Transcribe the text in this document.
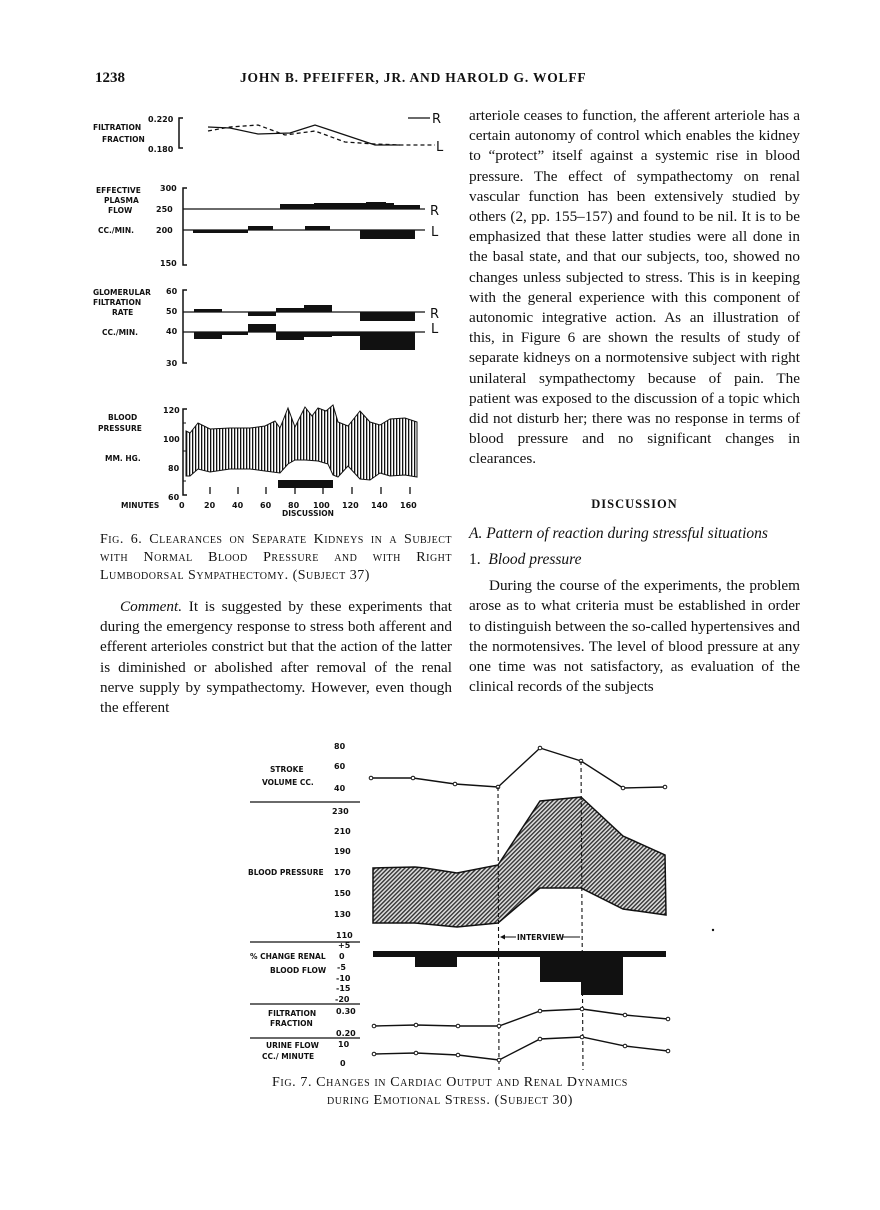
1238	JOHN B. PFEIFFER, JR. AND HAROLD G. WOLFF
FILTRATION
FRACTION
0.220
0.180
R
L
EFFECTIVE
PLASMA
FLOW
CC./MIN.
300
250
200
150
R
L
GLOMERULAR
FILTRATION
RATE
CC./MIN.
60
50
40
30
R
L
BLOOD
PRESSURE
MM. HG.
120
100
80
60
MINUTES 0 20 40 60 80 100 120 140 160
DISCUSSION
Fig. 6. Clearances on Separate Kidneys in a Subject with Normal Blood Pressure and with Right Lumbodorsal Sympathectomy. (Subject 37)

Comment. It is suggested by these experiments that during the emergency response to stress both afferent and efferent arterioles constrict but that the action of the latter is diminished or abolished after removal of the renal nerve supply by sympathectomy. However, even though the efferent

arteriole ceases to function, the afferent arteriole has a certain autonomy of control which enables the kidney to “protect” itself against a systemic rise in blood pressure. The effect of sympathectomy on renal vascular function has been extensively studied by others (2, pp. 155–157) and found to be nil. It is to be emphasized that these latter studies were all done in the basal state, and that our subjects, too, showed no changes unless subjected to stress. This is in keeping with the general experience with this component of autonomic integrative action. As an illustration of this, in Figure 6 are shown the results of study of separate kidneys on a normotensive subject with right unilateral sympathectomy because of pain. The patient was exposed to the discussion of a topic which did not disturb her; there was no response in terms of blood pressure and no significant changes in clearances.

DISCUSSION
A. Pattern of reaction during stressful situations
1. Blood pressure

During the course of the experiments, the problem arose as to what criteria must be established in order to distinguish between the so-called hypertensives and the normotensives. The level of blood pressure at any one time was not satisfactory, as evaluation of the clinical records of the subjects

STROKE
VOLUME CC.
80
60
40
230
210
190
BLOOD PRESSURE 170
150
130
110
+5
% CHANGE RENAL 0
BLOOD FLOW -5
-10
-15
-20
FILTRATION
FRACTION
0.30
0.20
URINE FLOW
CC./ MINUTE
10
0
INTERVIEW
Fig. 7. Changes in Cardiac Output and Renal Dynamics
during Emotional Stress. (Subject 30)
